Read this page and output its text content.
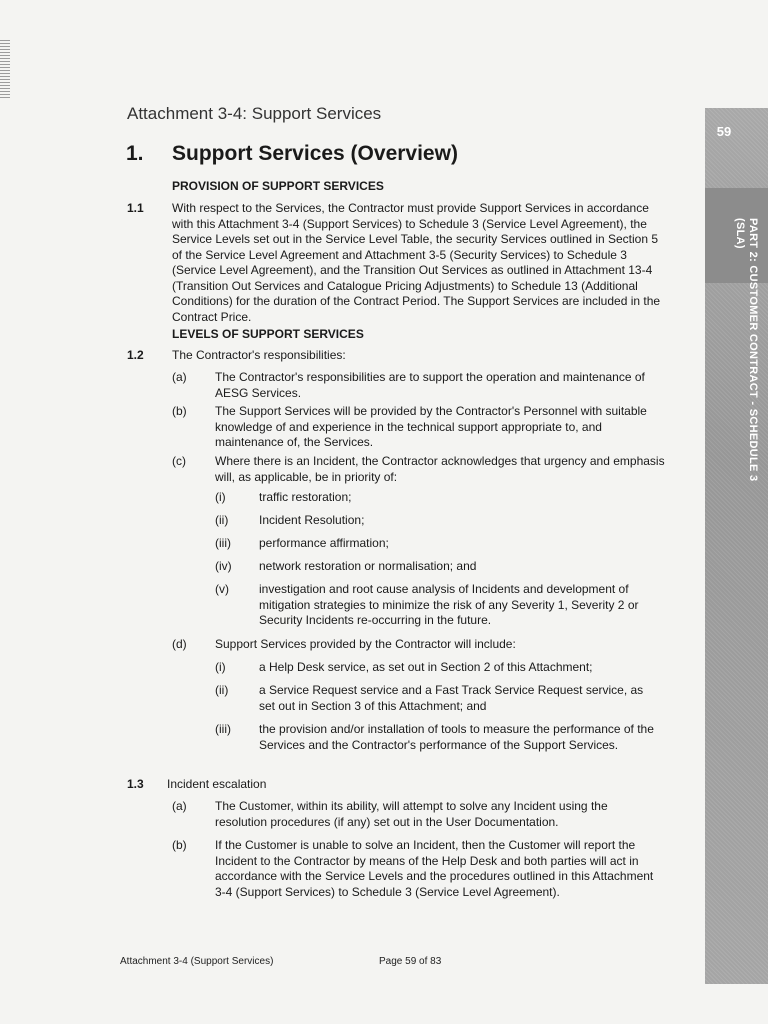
Attachment 3-4: Support Services
1. Support Services (Overview)
PROVISION OF SUPPORT SERVICES
1.1 With respect to the Services, the Contractor must provide Support Services in accordance with this Attachment 3-4 (Support Services) to Schedule 3 (Service Level Agreement), the Service Levels set out in the Service Level Table, the security Services outlined in Section 5 of the Service Level Agreement and Attachment 3-5 (Security Services) to Schedule 3 (Service Level Agreement), and the Transition Out Services as outlined in Attachment 13-4 (Transition Out Services and Catalogue Pricing Adjustments) to Schedule 13 (Additional Conditions) for the duration of the Contract Period. The Support Services are included in the Contract Price.
LEVELS OF SUPPORT SERVICES
1.2 The Contractor's responsibilities:
(a) The Contractor's responsibilities are to support the operation and maintenance of AESG Services.
(b) The Support Services will be provided by the Contractor's Personnel with suitable knowledge of and experience in the technical support appropriate to, and maintenance of, the Services.
(c) Where there is an Incident, the Contractor acknowledges that urgency and emphasis will, as applicable, be in priority of:
(i)	traffic restoration;
(ii)	Incident Resolution;
(iii) performance affirmation;
(iv) network restoration or normalisation; and
(v)	investigation and root cause analysis of Incidents and development of mitigation strategies to minimize the risk of any Severity 1, Severity 2 or Security Incidents re-occurring in the future.
(d) Support Services provided by the Contractor will include:
(i)	a Help Desk service, as set out in Section 2 of this Attachment;
(ii)	a Service Request service and a Fast Track Service Request service, as set out in Section 3 of this Attachment; and
(iii) the provision and/or installation of tools to measure the performance of the Services and the Contractor's performance of the Support Services.
1.3 Incident escalation
(a) The Customer, within its ability, will attempt to solve any Incident using the resolution procedures (if any) set out in the User Documentation.
(b) If the Customer is unable to solve an Incident, then the Customer will report the Incident to the Contractor by means of the Help Desk and both parties will act in accordance with the Service Levels and the procedures outlined in this Attachment 3-4 (Support Services) to Schedule 3 (Service Level Agreement).
Attachment 3-4 (Support Services)	Page 59 of 83
59
PART 2: CUSTOMER CONTRACT - SCHEDULE 3
(SLA)
